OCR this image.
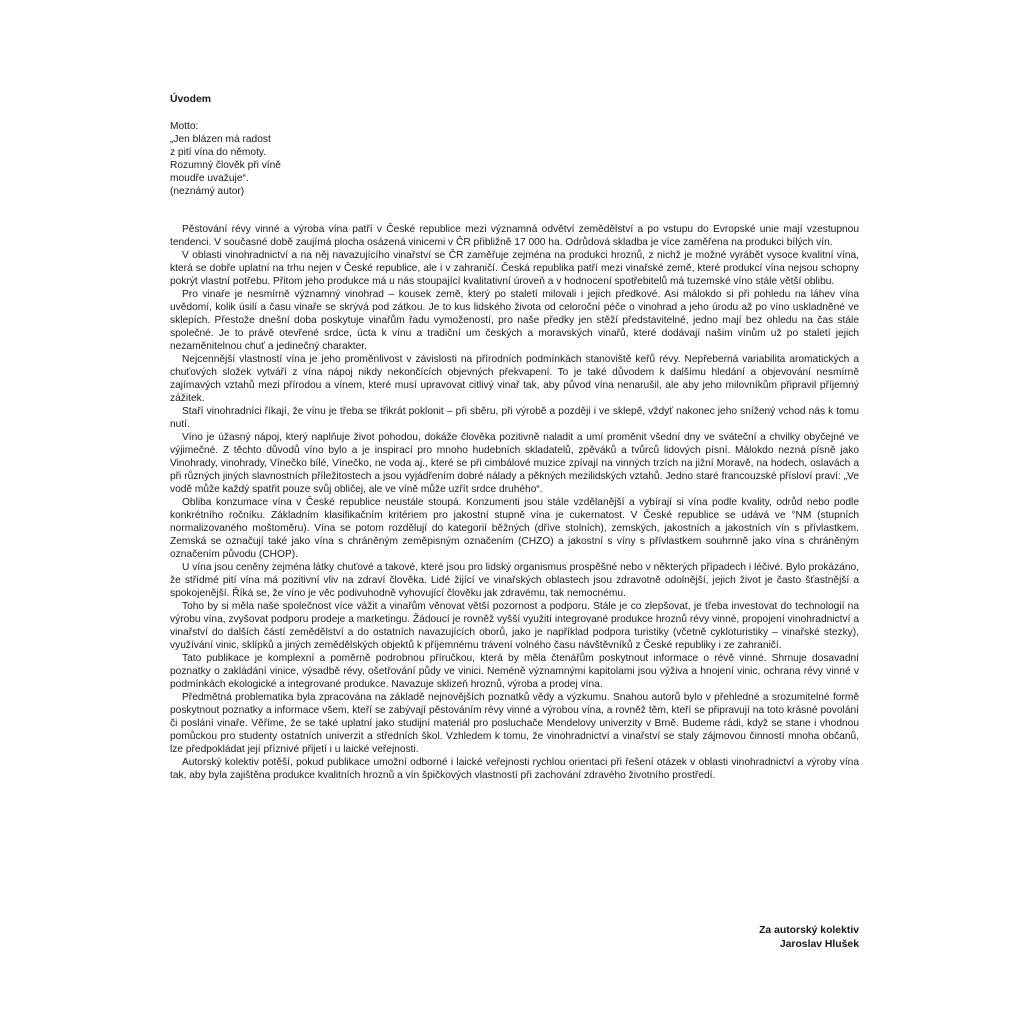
Úvodem
Motto:
„Jen blázen má radost
z pití vína do němoty.
Rozumný člověk při víně
moudře uvažuje“.
(neznámý autor)

Pěstování révy vinné a výroba vína patří v České republice mezi významná odvětví zemědělství a po vstupu do Evropské unie mají vzestupnou tendenci. V současné době zaujímá plocha osázená vinicemi v ČR přibližně 17 000 ha. Odrůdová skladba je více zaměřena na produkci bílých vín.

V oblasti vinohradnictví a na něj navazujícího vinařství se ČR zaměřuje zejména na produkci hroznů, z nichž je možné vyrábět vysoce kvalitní vína, která se dobře uplatní na trhu nejen v České republice, ale i v zahraničí. Česká republika patří mezi vinařské země, které produkcí vína nejsou schopny pokrýt vlastní potřebu. Přitom jeho produkce má u nás stoupající kvalitativní úroveň a v hodnocení spotřebitelů má tuzemské víno stále větší oblibu.

Pro vinaře je nesmírně významný vinohrad – kousek země, který po staletí milovali i jejich předkové. Asi málokdo si při pohledu na láhev vína uvědomí, kolik úsilí a času vinaře se skrývá pod zátkou. Je to kus lidského života od celoroční péče o vinohrad a jeho úrodu až po víno uskladněné ve sklepích. Přestože dnešní doba poskytuje vinařům řadu vymožeností, pro naše předky jen stěží představitelné, jedno mají bez ohledu na čas stále společné. Je to právě otevřené srdce, úcta k vínu a tradiční um českých a moravských vinařů, které dodávají našim vínům už po staletí jejich nezaměnitelnou chuť a jedinečný charakter.

Nejcennější vlastností vína je jeho proměnlivost v závislosti na přírodních podmínkách stanoviště keřů révy. Nepřeberná variabilita aromatických a chuťových složek vytváří z vína nápoj nikdy nekončících objevných překvapení. To je také důvodem k dalšímu hledání a objevování nesmírně zajímavých vztahů mezi přírodou a vínem, které musí upravovat citlivý vinař tak, aby původ vína nenarušil, ale aby jeho milovníkům připravil příjemný zážitek.

Staří vinohradníci říkají, že vínu je třeba se třikrát poklonit – při sběru, při výrobě a později i ve sklepě, vždyť nakonec jeho snížený vchod nás k tomu nutí.

Víno je úžasný nápoj, který naplňuje život pohodou, dokáže člověka pozitivně naladit a umí proměnit všední dny ve sváteční a chvilky obyčejné ve výjimečné. Z těchto důvodů víno bylo a je inspirací pro mnoho hudebních skladatelů, zpěváků a tvůrců lidových písní. Málokdo nezná písně jako Vinohrady, vinohrady, Vínečko bílé, Vínečko, ne voda aj., které se při cimbálové muzice zpívají na vinných trzích na jižní Moravě, na hodech, oslavách a při různých jiných slavnostních příležitostech a jsou vyjádřením dobré nálady a pěkných mezilidských vztahů. Jedno staré francouzské přísloví praví: „Ve vodě může každý spatřit pouze svůj obličej, ale ve víně může uzřít srdce druhého“.

Obliba konzumace vína v České republice neustále stoupá. Konzumenti jsou stále vzdělanější a vybírají si vína podle kvality, odrůd nebo podle konkrétního ročníku. Základním klasifikačním kritériem pro jakostní stupně vína je cukernatost. V České republice se udává ve °NM (stupních normalizovaného moštoměru). Vína se potom rozdělují do kategorií běžných (dříve stolních), zemských, jakostních a jakostních vín s přívlastkem. Zemská se označují také jako vína s chráněným zeměpisným označením (CHZO) a jakostní s víny s přívlastkem souhrnně jako vína s chráněným označením původu (CHOP).

U vína jsou ceněny zejména látky chuťové a takové, které jsou pro lidský organismus prospěšné nebo v některých případech i léčivé. Bylo prokázáno, že střídmé pití vína má pozitivní vliv na zdraví člověka. Lidé žijící ve vinařských oblastech jsou zdravotně odolnější, jejich život je často šťastnější a spokojenější. Říká se, že víno je věc podivuhodně vyhovující člověku jak zdravému, tak nemocnému.

Toho by si měla naše společnost více vážit a vinařům věnovat větší pozornost a podporu. Stále je co zlepšovat, je třeba investovat do technologií na výrobu vína, zvyšovat podporu prodeje a marketingu. Žádoucí je rovněž vyšší využití integrované produkce hroznů révy vinné, propojení vinohradnictví a vinařství do dalších částí zemědělství a do ostatních navazujících oborů, jako je například podpora turistiky (včetně cykloturistiky – vinařské stezky), využívání vinic, sklípků a jiných zemědělských objektů k příjemnému trávení volného času návštěvníků z České republiky i ze zahraničí.

Tato publikace je komplexní a poměrně podrobnou příručkou, která by měla čtenářům poskytnout informace o révě vinné. Shrnuje dosavadní poznatky o zakládání vinice, výsadbě révy, ošetřování půdy ve vinici. Neméně významnými kapitolami jsou výživa a hnojení vinic, ochrana révy vinné v podmínkách ekologické a integrované produkce. Navazuje sklizeň hroznů, výroba a prodej vína.

Předmětná problematika byla zpracována na základě nejnovějších poznatků vědy a výzkumu. Snahou autorů bylo v přehledné a srozumitelné formě poskytnout poznatky a informace všem, kteří se zabývají pěstováním révy vinné a výrobou vína, a rovněž těm, kteří se připravují na toto krásné povolání či poslání vinaře. Věříme, že se také uplatní jako studijní materiál pro posluchače Mendelovy univerzity v Brně. Budeme rádi, když se stane i vhodnou pomůckou pro studenty ostatních univerzit a středních škol. Vzhledem k tomu, že vinohradnictví a vinařství se staly zájmovou činností mnoha občanů, lze předpokládat její příznivé přijetí i u laické veřejnosti.

Autorský kolektiv potěší, pokud publikace umožní odborné i laické veřejnosti rychlou orientaci při řešení otázek v oblasti vinohradnictví a výroby vína tak, aby byla zajištěna produkce kvalitních hroznů a vín špičkových vlastností při zachování zdravého životního prostředí.

Za autorský kolektiv
Jaroslav Hlušek
